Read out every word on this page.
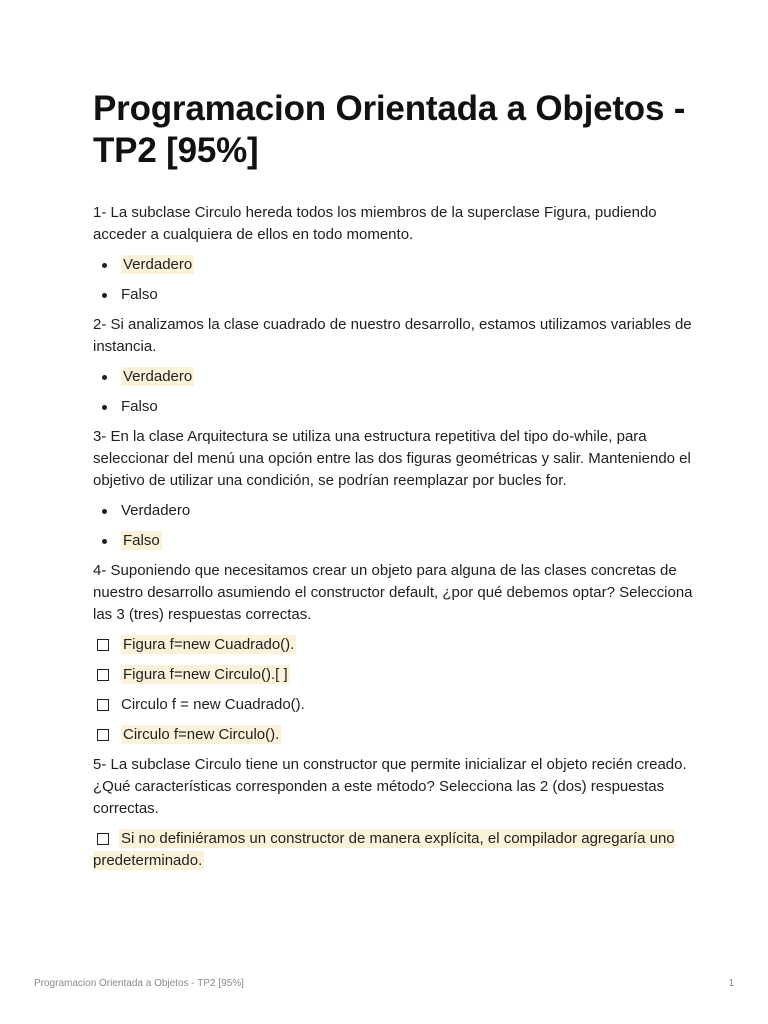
Programacion Orientada a Objetos - TP2 [95%]

1- La subclase Circulo hereda todos los miembros de la superclase Figura, pudiendo acceder a cualquiera de ellos en todo momento.

Verdadero
Falso

2- Si analizamos la clase cuadrado de nuestro desarrollo, estamos utilizamos variables de instancia.

Verdadero
Falso

3- En la clase Arquitectura se utiliza una estructura repetitiva del tipo do-while, para seleccionar del menú una opción entre las dos figuras geométricas y salir. Manteniendo el objetivo de utilizar una condición, se podrían reemplazar por bucles for.

Verdadero
Falso

4- Suponiendo que necesitamos crear un objeto para alguna de las clases concretas de nuestro desarrollo asumiendo el constructor default, ¿por qué debemos optar? Selecciona las 3 (tres) respuestas correctas.

Figura f=new Cuadrado().
Figura f=new Circulo().[ ]
Circulo f = new Cuadrado().
Circulo f=new Circulo().

5- La subclase Circulo tiene un constructor que permite inicializar el objeto recién creado. ¿Qué características corresponden a este método? Selecciona las 2 (dos) respuestas correctas.

Si no definiéramos un constructor de manera explícita, el compilador agregaría uno predeterminado.
Programacion Orientada a Objetos - TP2 [95%]	1
